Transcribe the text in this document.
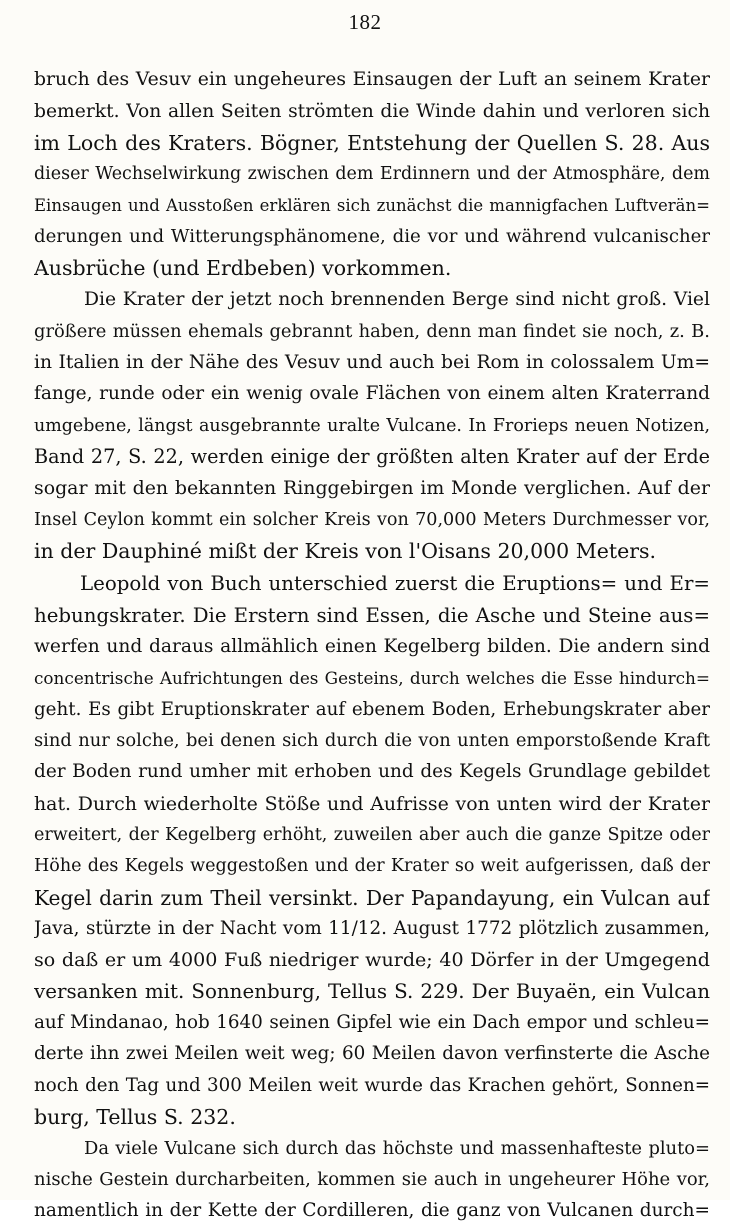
182
bruch des Vesuv ein ungeheures Einsaugen der Luft an seinem Krater
bemerkt. Von allen Seiten strömten die Winde dahin und verloren sich
im Loch des Kraters. Bögner, Entstehung der Quellen S. 28. Aus
dieser Wechselwirkung zwischen dem Erdinnern und der Atmosphäre, dem
Einsaugen und Ausstoßen erklären sich zunächst die mannigfachen Luftverän=
derungen und Witterungsphänomene, die vor und während vulcanischer
Ausbrüche (und Erdbeben) vorkommen.
Die Krater der jetzt noch brennenden Berge sind nicht groß. Viel
größere müssen ehemals gebrannt haben, denn man findet sie noch, z. B.
in Italien in der Nähe des Vesuv und auch bei Rom in colossalem Um=
fange, runde oder ein wenig ovale Flächen von einem alten Kraterrand
umgebene, längst ausgebrannte uralte Vulcane. In Frorieps neuen Notizen,
Band 27, S. 22, werden einige der größten alten Krater auf der Erde
sogar mit den bekannten Ringgebirgen im Monde verglichen. Auf der
Insel Ceylon kommt ein solcher Kreis von 70,000 Meters Durchmesser vor,
in der Dauphiné mißt der Kreis von l'Oisans 20,000 Meters.
Leopold von Buch unterschied zuerst die Eruptions= und Er=
hebungskrater. Die Erstern sind Essen, die Asche und Steine aus=
werfen und daraus allmählich einen Kegelberg bilden. Die andern sind
concentrische Aufrichtungen des Gesteins, durch welches die Esse hindurch=
geht. Es gibt Eruptionskrater auf ebenem Boden, Erhebungskrater aber
sind nur solche, bei denen sich durch die von unten emporstoßende Kraft
der Boden rund umher mit erhoben und des Kegels Grundlage gebildet
hat. Durch wiederholte Stöße und Aufrisse von unten wird der Krater
erweitert, der Kegelberg erhöht, zuweilen aber auch die ganze Spitze oder
Höhe des Kegels weggestoßen und der Krater so weit aufgerissen, daß der
Kegel darin zum Theil versinkt. Der Papandayung, ein Vulcan auf
Java, stürzte in der Nacht vom 11/12. August 1772 plötzlich zusammen,
so daß er um 4000 Fuß niedriger wurde; 40 Dörfer in der Umgegend
versanken mit. Sonnenburg, Tellus S. 229. Der Buyaën, ein Vulcan
auf Mindanao, hob 1640 seinen Gipfel wie ein Dach empor und schleu=
derte ihn zwei Meilen weit weg; 60 Meilen davon verfinsterte die Asche
noch den Tag und 300 Meilen weit wurde das Krachen gehört, Sonnen=
burg, Tellus S. 232.
Da viele Vulcane sich durch das höchste und massenhafteste pluto=
nische Gestein durcharbeiten, kommen sie auch in ungeheurer Höhe vor,
namentlich in der Kette der Cordilleren, die ganz von Vulcanen durch=
